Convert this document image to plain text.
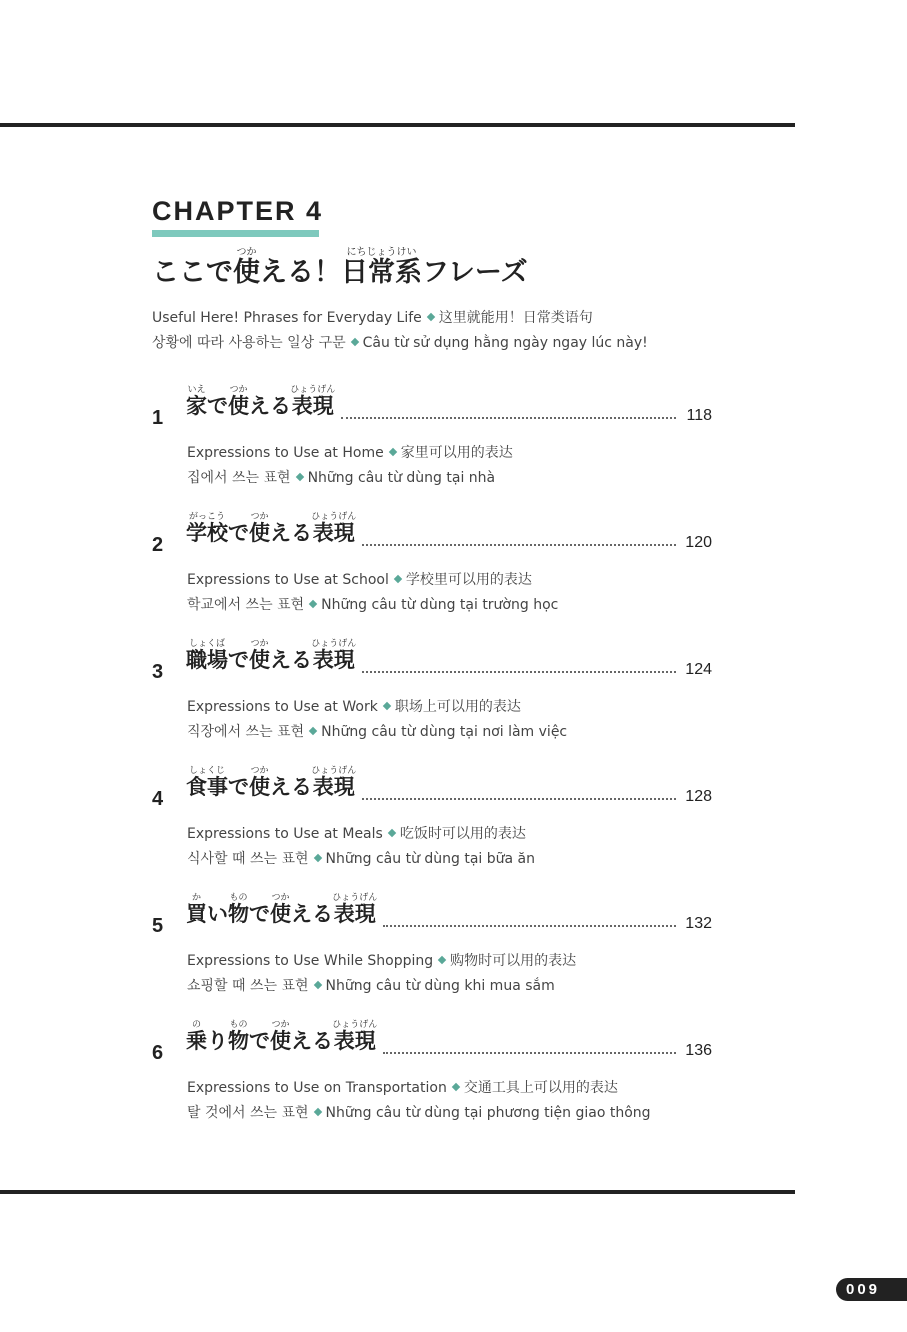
CHAPTER 4
ここで使つかえる！日常系にちじょうけいフレーズ
Useful Here! Phrases for Everyday Life 这里就能用！日常类语句
상황에 따라 사용하는 일상 구문 Câu từ sử dụng hằng ngày ngay lúc này!
1 家いえで使つかえる表現ひょうげん
118
Expressions to Use at Home 家里可以用的表达
집에서 쓰는 표현 Những câu từ dùng tại nhà
2 学校がっこうで使つかえる表現ひょうげん
120
Expressions to Use at School 学校里可以用的表达
학교에서 쓰는 표현 Những câu từ dùng tại trường học
3 職場しょくばで使つかえる表現ひょうげん
124
Expressions to Use at Work 职场上可以用的表达
직장에서 쓰는 표현 Những câu từ dùng tại nơi làm việc
4 食事しょくじで使つかえる表現ひょうげん
128
Expressions to Use at Meals 吃饭时可以用的表达
식사할 때 쓰는 표현 Những câu từ dùng tại bữa ăn
5 買かい物もので使つかえる表現ひょうげん
132
Expressions to Use While Shopping 购物时可以用的表达
쇼핑할 때 쓰는 표현 Những câu từ dùng khi mua sắm
6 乗のり物もので使つかえる表現ひょうげん
136
Expressions to Use on Transportation 交通工具上可以用的表达
탈 것에서 쓰는 표현 Những câu từ dùng tại phương tiện giao thông
009
